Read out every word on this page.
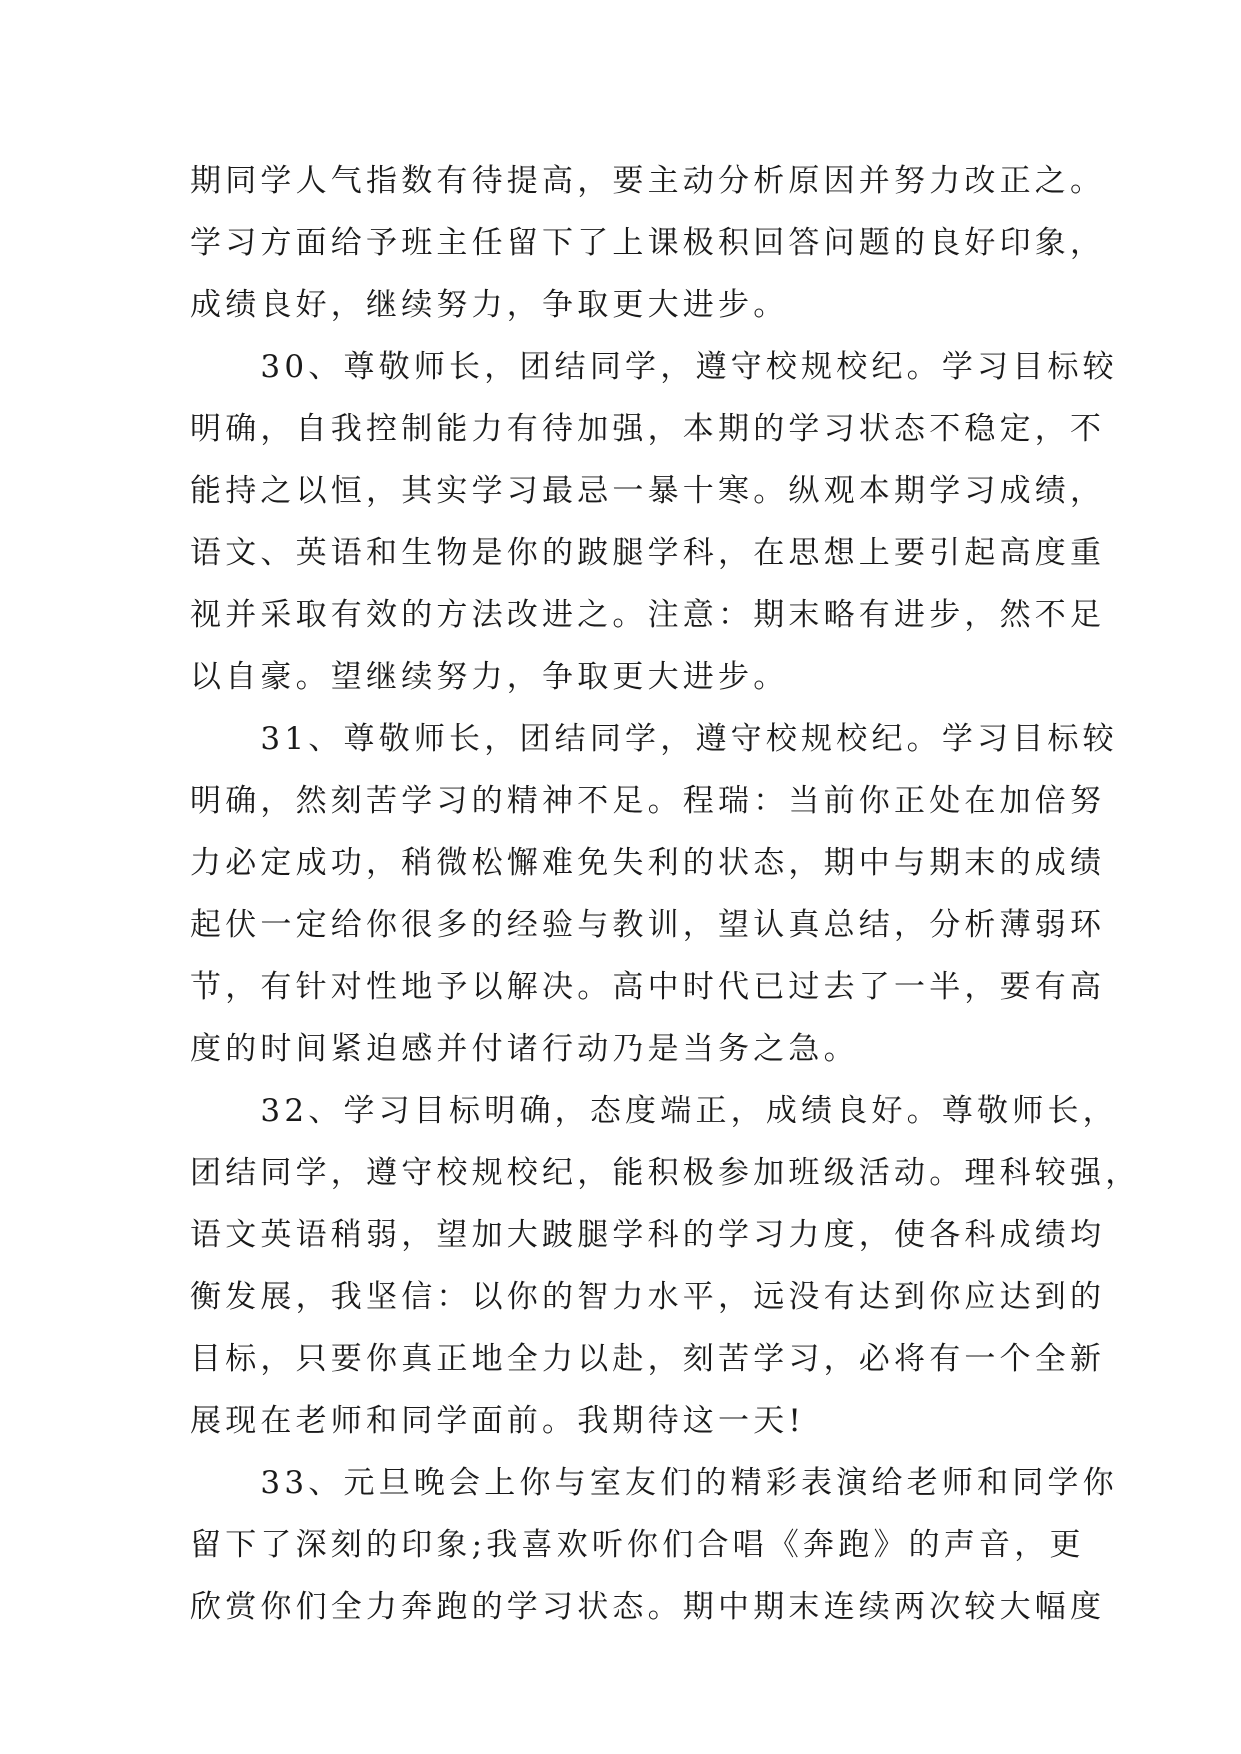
期同学人气指数有待提高，要主动分析原因并努力改正之。
学习方面给予班主任留下了上课极积回答问题的良好印象，
成绩良好，继续努力，争取更大进步。
　　30、尊敬师长，团结同学，遵守校规校纪。学习目标较
明确，自我控制能力有待加强，本期的学习状态不稳定，不
能持之以恒，其实学习最忌一暴十寒。纵观本期学习成绩，
语文、英语和生物是你的跛腿学科，在思想上要引起高度重
视并采取有效的方法改进之。注意：期末略有进步，然不足
以自豪。望继续努力，争取更大进步。
　　31、尊敬师长，团结同学，遵守校规校纪。学习目标较
明确，然刻苦学习的精神不足。程瑞：当前你正处在加倍努
力必定成功，稍微松懈难免失利的状态，期中与期末的成绩
起伏一定给你很多的经验与教训，望认真总结，分析薄弱环
节，有针对性地予以解决。高中时代已过去了一半，要有高
度的时间紧迫感并付诸行动乃是当务之急。
　　32、学习目标明确，态度端正，成绩良好。尊敬师长，
团结同学，遵守校规校纪，能积极参加班级活动。理科较强，
语文英语稍弱，望加大跛腿学科的学习力度，使各科成绩均
衡发展，我坚信：以你的智力水平，远没有达到你应达到的
目标，只要你真正地全力以赴，刻苦学习，必将有一个全新
展现在老师和同学面前。我期待这一天!
　　33、元旦晚会上你与室友们的精彩表演给老师和同学你
留下了深刻的印象;我喜欢听你们合唱《奔跑》的声音，更
欣赏你们全力奔跑的学习状态。期中期末连续两次较大幅度
